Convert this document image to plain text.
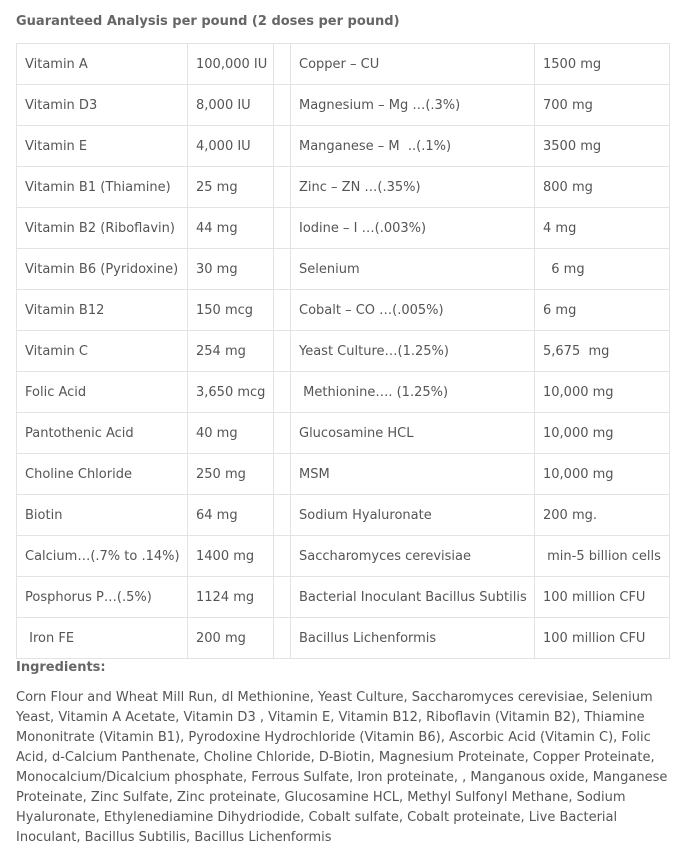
Guaranteed Analysis per pound (2 doses per pound)
Vitamin A	100,000 IU		Copper – CU	1500 mg
Vitamin D3	8,000 IU		Magnesium – Mg …(.3%)	700 mg
Vitamin E	4,000 IU		Manganese – M  ..(.1%)	3500 mg
Vitamin B1 (Thiamine)	25 mg		Zinc – ZN …(.35%)	800 mg
Vitamin B2 (Riboflavin)	44 mg		Iodine – I …(.003%)	4 mg
Vitamin B6 (Pyridoxine)	30 mg		Selenium	6 mg
Vitamin B12	150 mcg		Cobalt – CO …(.005%)	6 mg
Vitamin C	254 mg		Yeast Culture…(1.25%)	5,675  mg
Folic Acid	3,650 mcg		Methionine…. (1.25%)	10,000 mg
Pantothenic Acid	40 mg		Glucosamine HCL	10,000 mg
Choline Chloride	250 mg		MSM	10,000 mg
Biotin	64 mg		Sodium Hyaluronate	200 mg.
Calcium…(.7% to .14%)	1400 mg		Saccharomyces cerevisiae	min-5 billion cells
Posphorus P…(.5%)	1124 mg		Bacterial Inoculant Bacillus Subtilis	100 million CFU
Iron FE	200 mg		Bacillus Lichenformis	100 million CFU
Ingredients:
Corn Flour and Wheat Mill Run, dl Methionine, Yeast Culture, Saccharomyces cerevisiae, Selenium Yeast, Vitamin A Acetate, Vitamin D3 , Vitamin E, Vitamin B12, Riboflavin (Vitamin B2), Thiamine Mononitrate (Vitamin B1), Pyrodoxine Hydrochloride (Vitamin B6), Ascorbic Acid (Vitamin C), Folic Acid, d-Calcium Panthenate, Choline Chloride, D-Biotin, Magnesium Proteinate, Copper Proteinate, Monocalcium/Dicalcium phosphate, Ferrous Sulfate, Iron proteinate, , Manganous oxide, Manganese Proteinate, Zinc Sulfate, Zinc proteinate, Glucosamine HCL, Methyl Sulfonyl Methane, Sodium Hyaluronate, Ethylenediamine Dihydriodide, Cobalt sulfate, Cobalt proteinate, Live Bacterial Inoculant, Bacillus Subtilis, Bacillus Lichenformis
